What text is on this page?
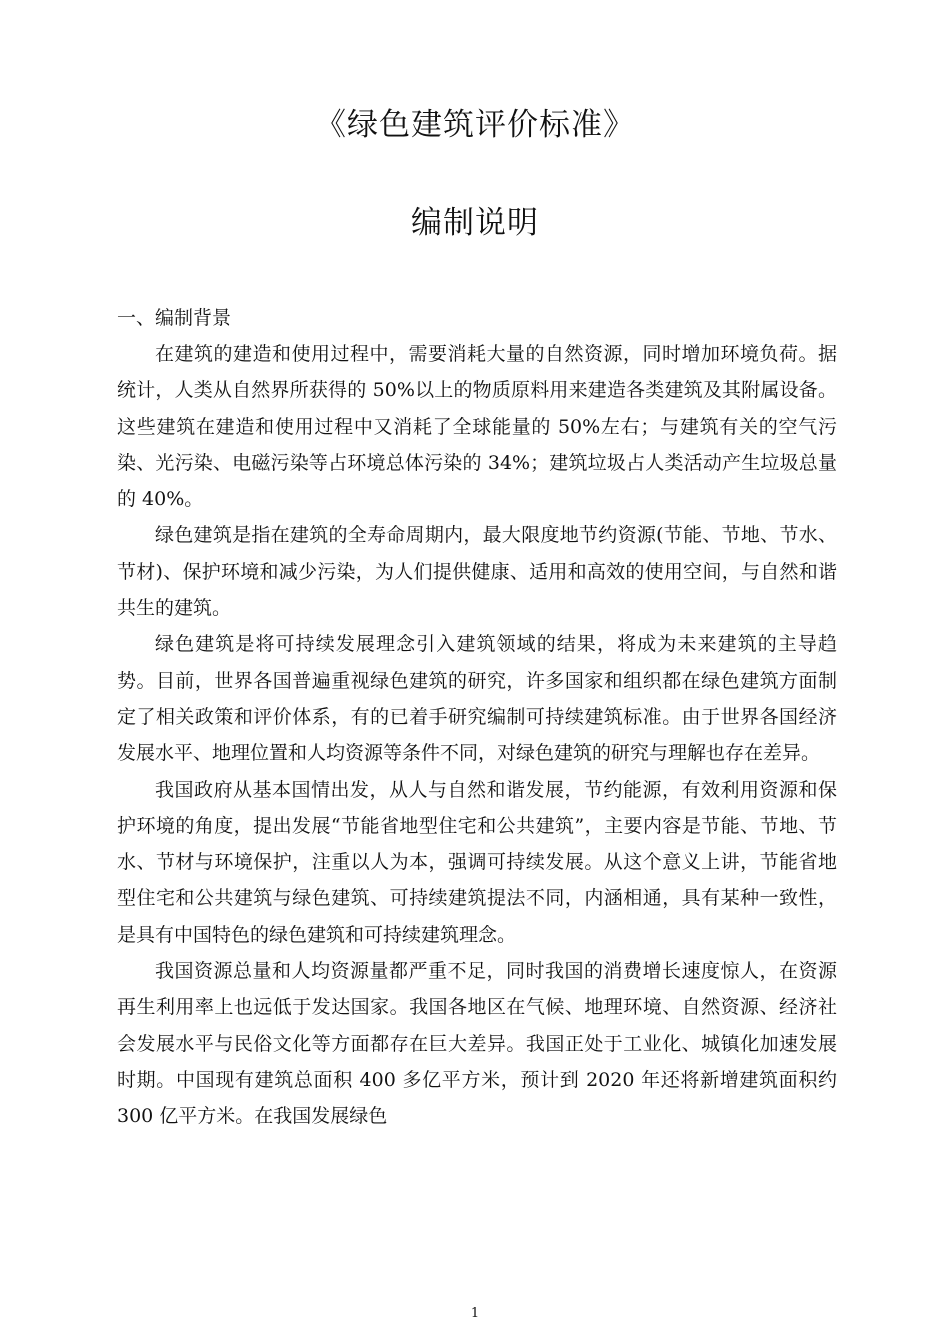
《绿色建筑评价标准》
编制说明

一、编制背景

在建筑的建造和使用过程中，需要消耗大量的自然资源，同时增加环境负荷。据统计，人类从自然界所获得的 50%以上的物质原料用来建造各类建筑及其附属设备。这些建筑在建造和使用过程中又消耗了全球能量的 50%左右；与建筑有关的空气污染、光污染、电磁污染等占环境总体污染的 34%；建筑垃圾占人类活动产生垃圾总量的 40%。

绿色建筑是指在建筑的全寿命周期内，最大限度地节约资源(节能、节地、节水、节材)、保护环境和减少污染，为人们提供健康、适用和高效的使用空间，与自然和谐共生的建筑。

绿色建筑是将可持续发展理念引入建筑领域的结果，将成为未来建筑的主导趋势。目前，世界各国普遍重视绿色建筑的研究，许多国家和组织都在绿色建筑方面制定了相关政策和评价体系，有的已着手研究编制可持续建筑标准。由于世界各国经济发展水平、地理位置和人均资源等条件不同，对绿色建筑的研究与理解也存在差异。

我国政府从基本国情出发，从人与自然和谐发展，节约能源，有效利用资源和保护环境的角度，提出发展“节能省地型住宅和公共建筑”，主要内容是节能、节地、节水、节材与环境保护，注重以人为本，强调可持续发展。从这个意义上讲，节能省地型住宅和公共建筑与绿色建筑、可持续建筑提法不同，内涵相通，具有某种一致性，是具有中国特色的绿色建筑和可持续建筑理念。

我国资源总量和人均资源量都严重不足，同时我国的消费增长速度惊人，在资源再生利用率上也远低于发达国家。我国各地区在气候、地理环境、自然资源、经济社会发展水平与民俗文化等方面都存在巨大差异。我国正处于工业化、城镇化加速发展时期。中国现有建筑总面积 400 多亿平方米，预计到 2020 年还将新增建筑面积约 300 亿平方米。在我国发展绿色

1
